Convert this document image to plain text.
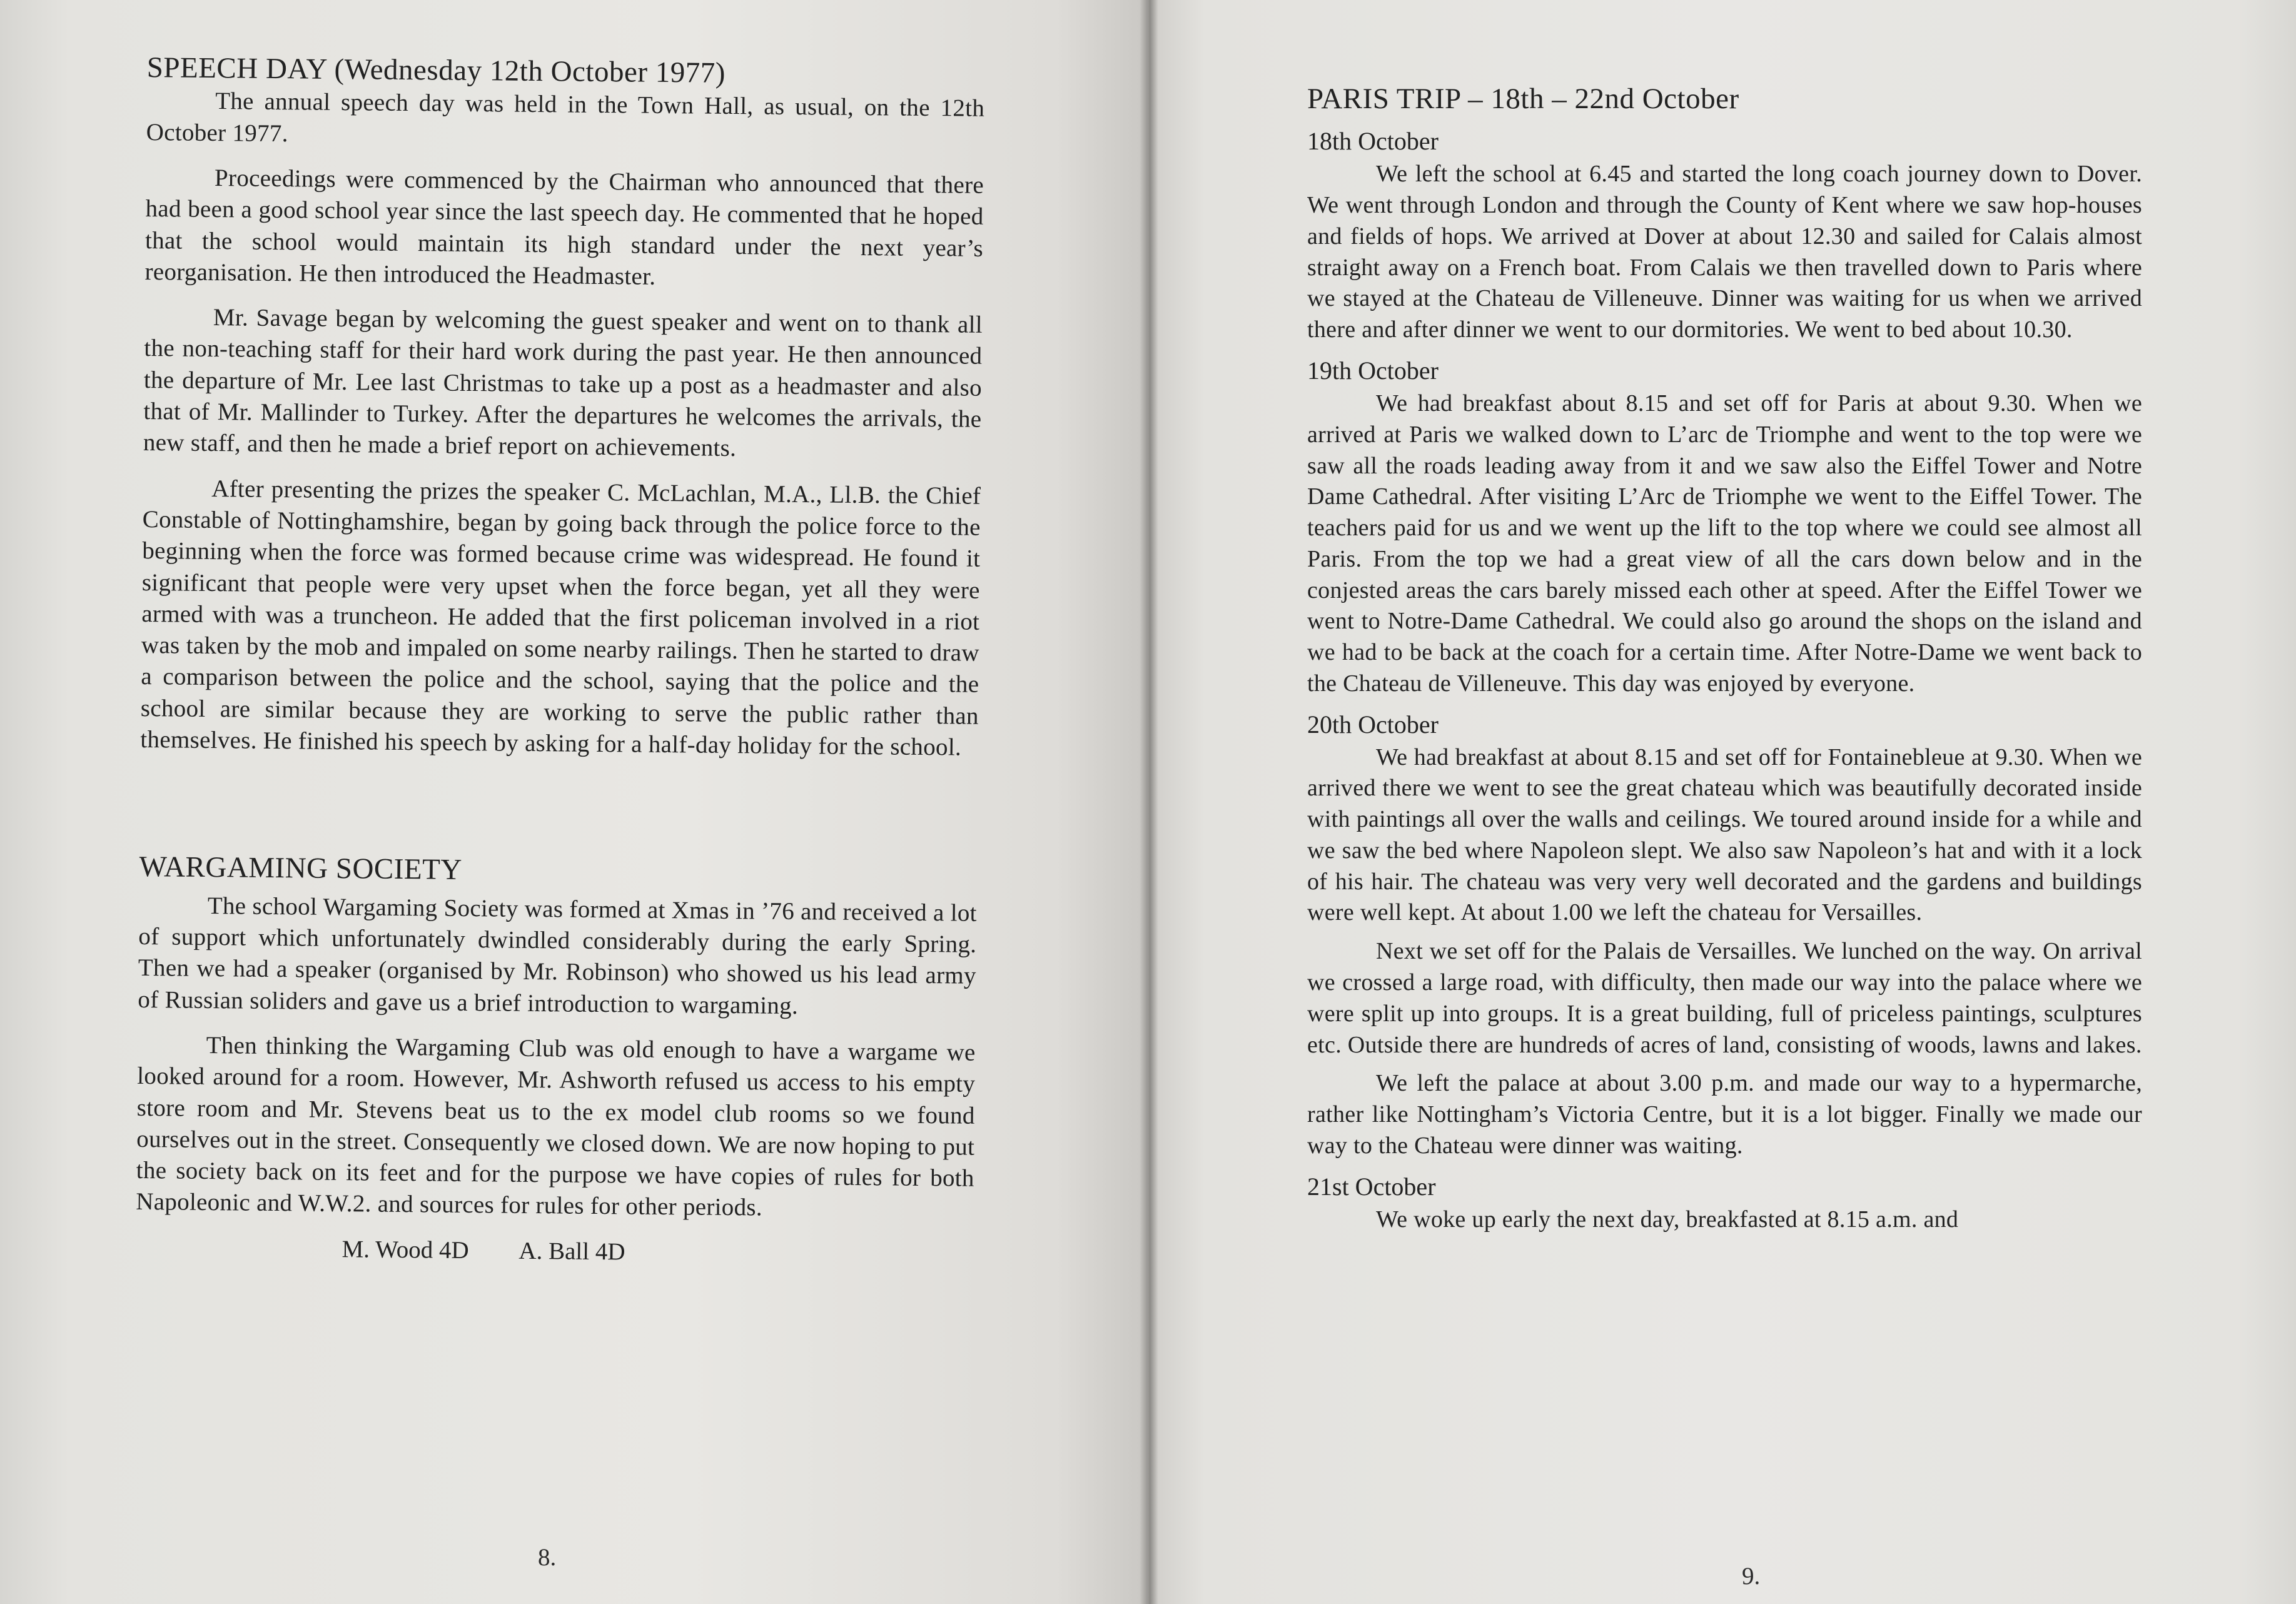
SPEECH DAY (Wednesday 12th October 1977)

The annual speech day was held in the Town Hall, as usual, on the 12th October 1977.

Proceedings were commenced by the Chairman who announced that there had been a good school year since the last speech day. He commented that he hoped that the school would maintain its high standard under the next year’s reorganisation. He then introduced the Headmaster.

Mr. Savage began by welcoming the guest speaker and went on to thank all the non-teaching staff for their hard work during the past year. He then announced the departure of Mr. Lee last Christmas to take up a post as a headmaster and also that of Mr. Mallinder to Turkey. After the departures he welcomes the arrivals, the new staff, and then he made a brief report on achievements.

After presenting the prizes the speaker C. McLachlan, M.A., Ll.B. the Chief Constable of Nottinghamshire, began by going back through the police force to the beginning when the force was formed because crime was widespread. He found it significant that people were very upset when the force began, yet all they were armed with was a truncheon. He added that the first policeman involved in a riot was taken by the mob and impaled on some nearby railings. Then he started to draw a comparison between the police and the school, saying that the police and the school are similar because they are working to serve the public rather than themselves. He finished his speech by asking for a half-day holiday for the school.

WARGAMING SOCIETY

The school Wargaming Society was formed at Xmas in ’76 and received a lot of support which unfortunately dwindled considerably during the early Spring. Then we had a speaker (organised by Mr. Robinson) who showed us his lead army of Russian soliders and gave us a brief introduction to wargaming.

Then thinking the Wargaming Club was old enough to have a wargame we looked around for a room. However, Mr. Ashworth refused us access to his empty store room and Mr. Stevens beat us to the ex model club rooms so we found ourselves out in the street. Consequently we closed down. We are now hoping to put the society back on its feet and for the purpose we have copies of rules for both Napoleonic and W.W.2. and sources for rules for other periods.

M. Wood 4D A. Ball 4D
8.
PARIS TRIP – 18th – 22nd October
18th October

We left the school at 6.45 and started the long coach journey down to Dover. We went through London and through the County of Kent where we saw hop-houses and fields of hops. We arrived at Dover at about 12.30 and sailed for Calais almost straight away on a French boat. From Calais we then travelled down to Paris where we stayed at the Chateau de Villeneuve. Dinner was waiting for us when we arrived there and after dinner we went to our dormitories. We went to bed about 10.30.

19th October

We had breakfast about 8.15 and set off for Paris at about 9.30. When we arrived at Paris we walked down to L’arc de Triomphe and went to the top were we saw all the roads leading away from it and we saw also the Eiffel Tower and Notre Dame Cathedral. After visiting L’Arc de Triomphe we went to the Eiffel Tower. The teachers paid for us and we went up the lift to the top where we could see almost all Paris. From the top we had a great view of all the cars down below and in the conjested areas the cars barely missed each other at speed. After the Eiffel Tower we went to Notre-Dame Cathedral. We could also go around the shops on the island and we had to be back at the coach for a certain time. After Notre-Dame we went back to the Chateau de Villeneuve. This day was enjoyed by everyone.

20th October

We had breakfast at about 8.15 and set off for Fontainebleue at 9.30. When we arrived there we went to see the great chateau which was beautifully decorated inside with paintings all over the walls and ceilings. We toured around inside for a while and we saw the bed where Napoleon slept. We also saw Napoleon’s hat and with it a lock of his hair. The chateau was very very well decorated and the gardens and buildings were well kept. At about 1.00 we left the chateau for Versailles.

Next we set off for the Palais de Versailles. We lunched on the way. On arrival we crossed a large road, with difficulty, then made our way into the palace where we were split up into groups. It is a great building, full of priceless paintings, sculptures etc. Outside there are hundreds of acres of land, consisting of woods, lawns and lakes.

We left the palace at about 3.00 p.m. and made our way to a hypermarche, rather like Nottingham’s Victoria Centre, but it is a lot bigger. Finally we made our way to the Chateau were dinner was waiting.

21st October

We woke up early the next day, breakfasted at 8.15 a.m. and

9.
